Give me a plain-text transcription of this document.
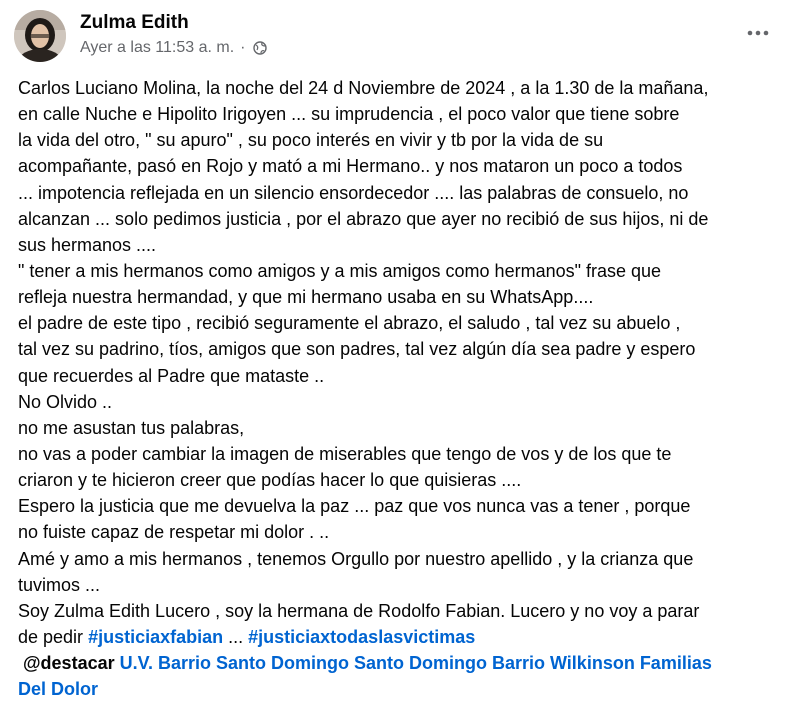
Zulma Edith
Ayer a las 11:53 a. m. ·
Carlos Luciano Molina, la noche del 24 d Noviembre de 2024 , a la 1.30 de la mañana,
en calle Nuche e Hipolito Irigoyen ... su imprudencia , el poco valor que tiene sobre
la vida del otro, " su apuro" , su poco interés en vivir y tb por la vida de su
acompañante, pasó en Rojo y mató a mi Hermano.. y nos mataron un poco a todos
... impotencia reflejada en un silencio ensordecedor .... las palabras de consuelo, no
alcanzan ... solo pedimos justicia , por el abrazo que ayer no recibió de sus hijos, ni de
sus hermanos ....
" tener a mis hermanos como amigos y a mis amigos como hermanos" frase que
refleja nuestra hermandad, y que mi hermano usaba en su WhatsApp....
el padre de este tipo , recibió seguramente el abrazo, el saludo , tal vez su abuelo ,
tal vez su padrino, tíos, amigos que son padres, tal vez algún día sea padre y espero
que recuerdes al Padre que mataste ..
No Olvido ..
no me asustan tus palabras,
no vas a poder cambiar la imagen de miserables que tengo de vos y de los que te
criaron y te hicieron creer que podías hacer lo que quisieras ....
Espero la justicia que me devuelva la paz ... paz que vos nunca vas a tener , porque
no fuiste capaz de respetar mi dolor . ..
Amé y amo a mis hermanos , tenemos Orgullo por nuestro apellido , y la crianza que
tuvimos ...
Soy Zulma Edith Lucero , soy la hermana de Rodolfo Fabian. Lucero y no voy a parar
de pedir #justiciaxfabian ... #justiciaxtodaslasvictimas
@destacar U.V. Barrio Santo Domingo Santo Domingo Barrio Wilkinson Familias
Del Dolor
